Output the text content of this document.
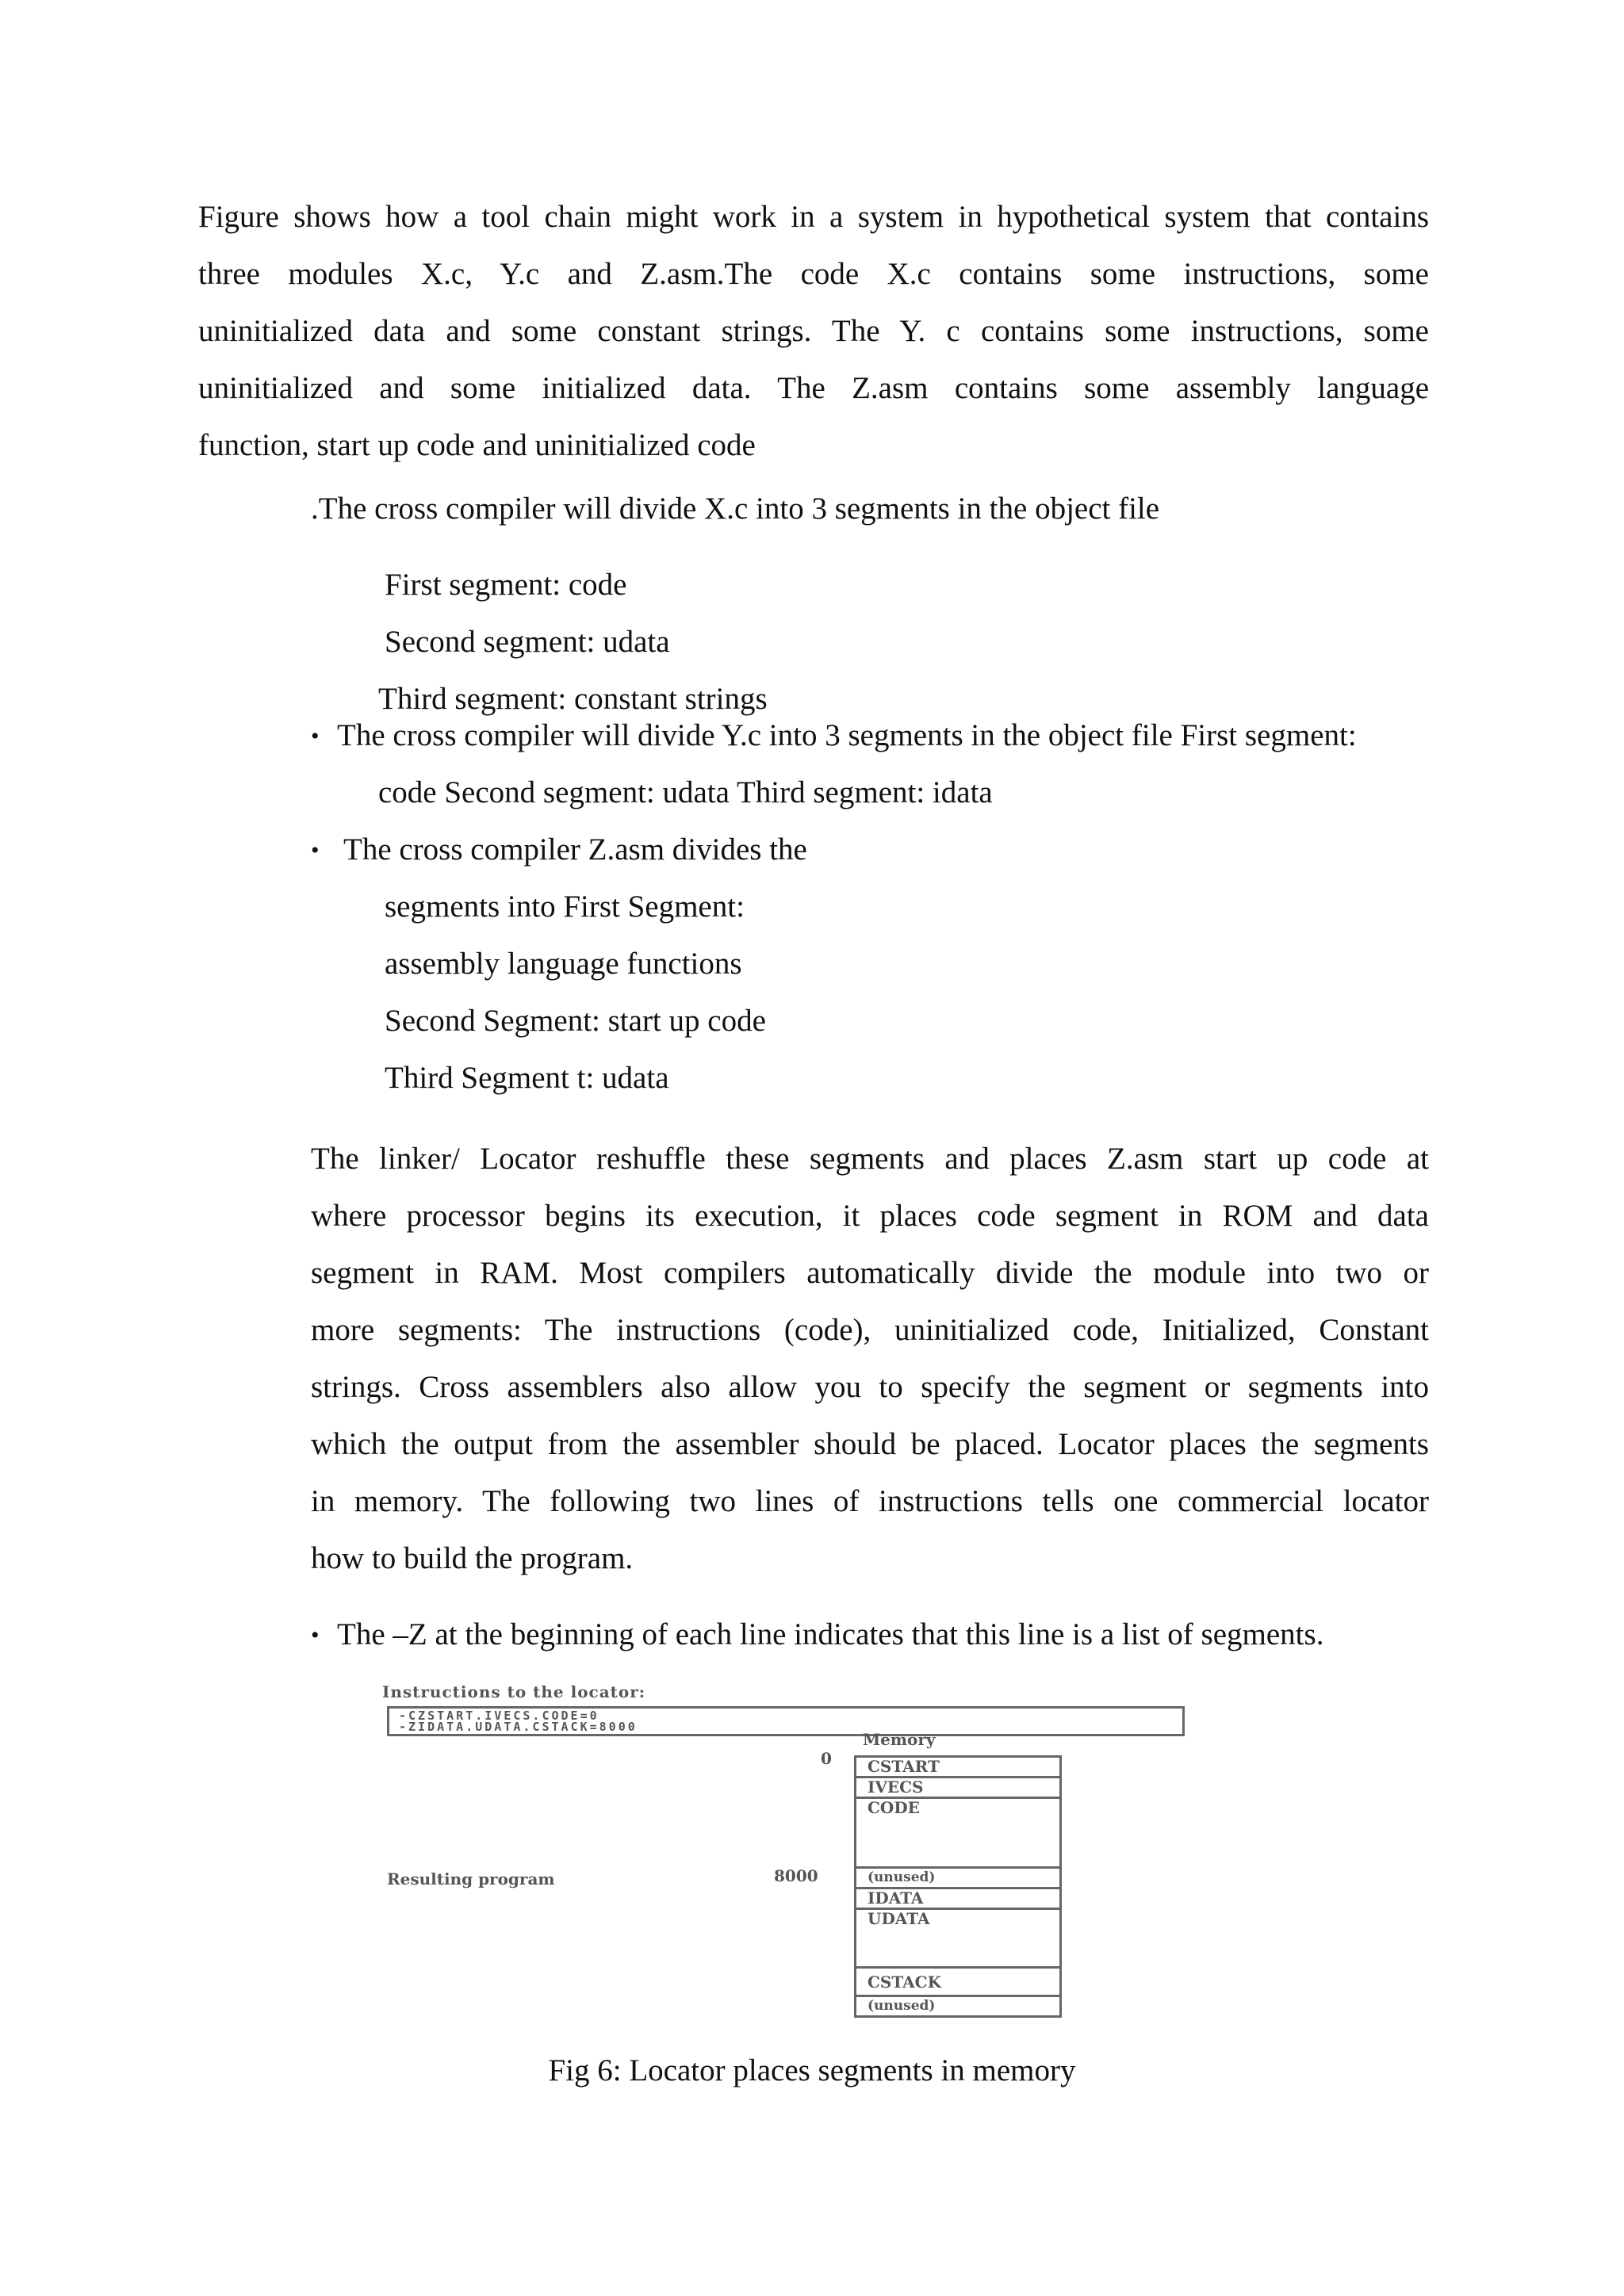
Figure shows how a tool chain might work in a system in hypothetical system that contains
three modules X.c, Y.c and Z.asm.The code X.c contains some instructions, some
uninitialized data and some constant strings. The Y. c contains some instructions, some
uninitialized and some initialized data. The Z.asm contains some assembly language
function, start up code and uninitialized code

.The cross compiler will divide X.c into 3 segments in the object file

First segment: code

Second segment: udata

Third segment: constant strings

• The cross compiler will divide Y.c into 3 segments in the object file First segment:

code Second segment: udata Third segment: idata

• The cross compiler Z.asm divides the

segments into First Segment:

assembly language functions

Second Segment: start up code

Third Segment t: udata

The linker/ Locator reshuffle these segments and places Z.asm start up code at
where processor begins its execution, it places code segment in ROM and data
segment in RAM. Most compilers automatically divide the module into two or
more segments: The instructions (code), uninitialized code, Initialized, Constant
strings. Cross assemblers also allow you to specify the segment or segments into
which the output from the assembler should be placed. Locator places the segments
in memory. The following two lines of instructions tells one commercial locator
how to build the program.
• The –Z at the beginning of each line indicates that this line is a list of segments.

Instructions to the locator:
-CZSTART.IVECS.CODE=0
-ZIDATA.UDATA.CSTACK=8000
Memory
0
8000
Resulting program
CSTART
IVECS
CODE
(unused)
IDATA
UDATA
CSTACK
(unused)

Fig 6: Locator places segments in memory
